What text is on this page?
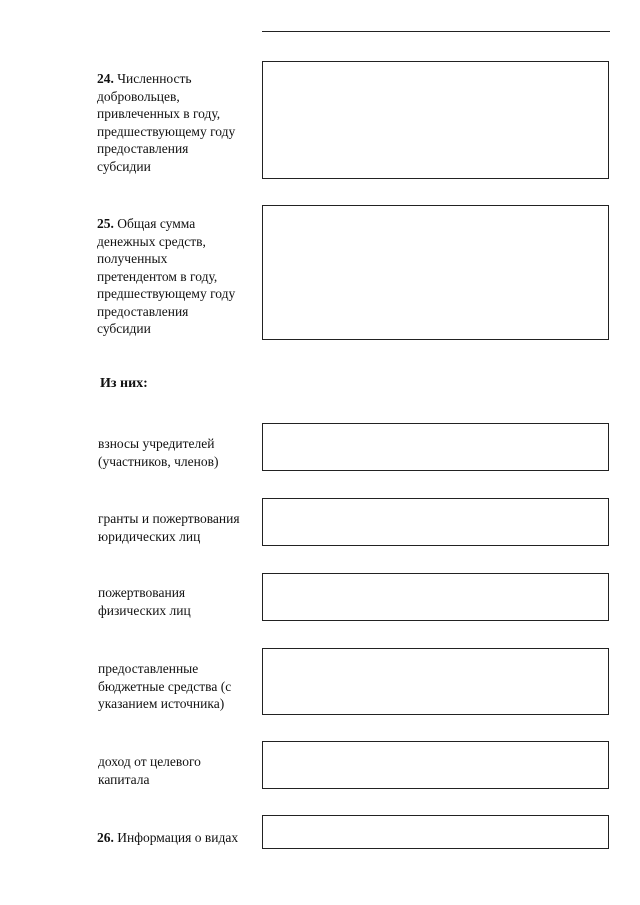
24. Численность
добровольцев,
привлеченных в году,
предшествующему году
предоставления
субсидии
25. Общая сумма
денежных средств,
полученных
претендентом в году,
предшествующему году
предоставления
субсидии
Из них:
взносы учредителей
(участников, членов)
гранты и пожертвования
юридических лиц
пожертвования
физических лиц
предоставленные
бюджетные средства (с
указанием источника)
доход от целевого
капитала
26. Информация о видах
